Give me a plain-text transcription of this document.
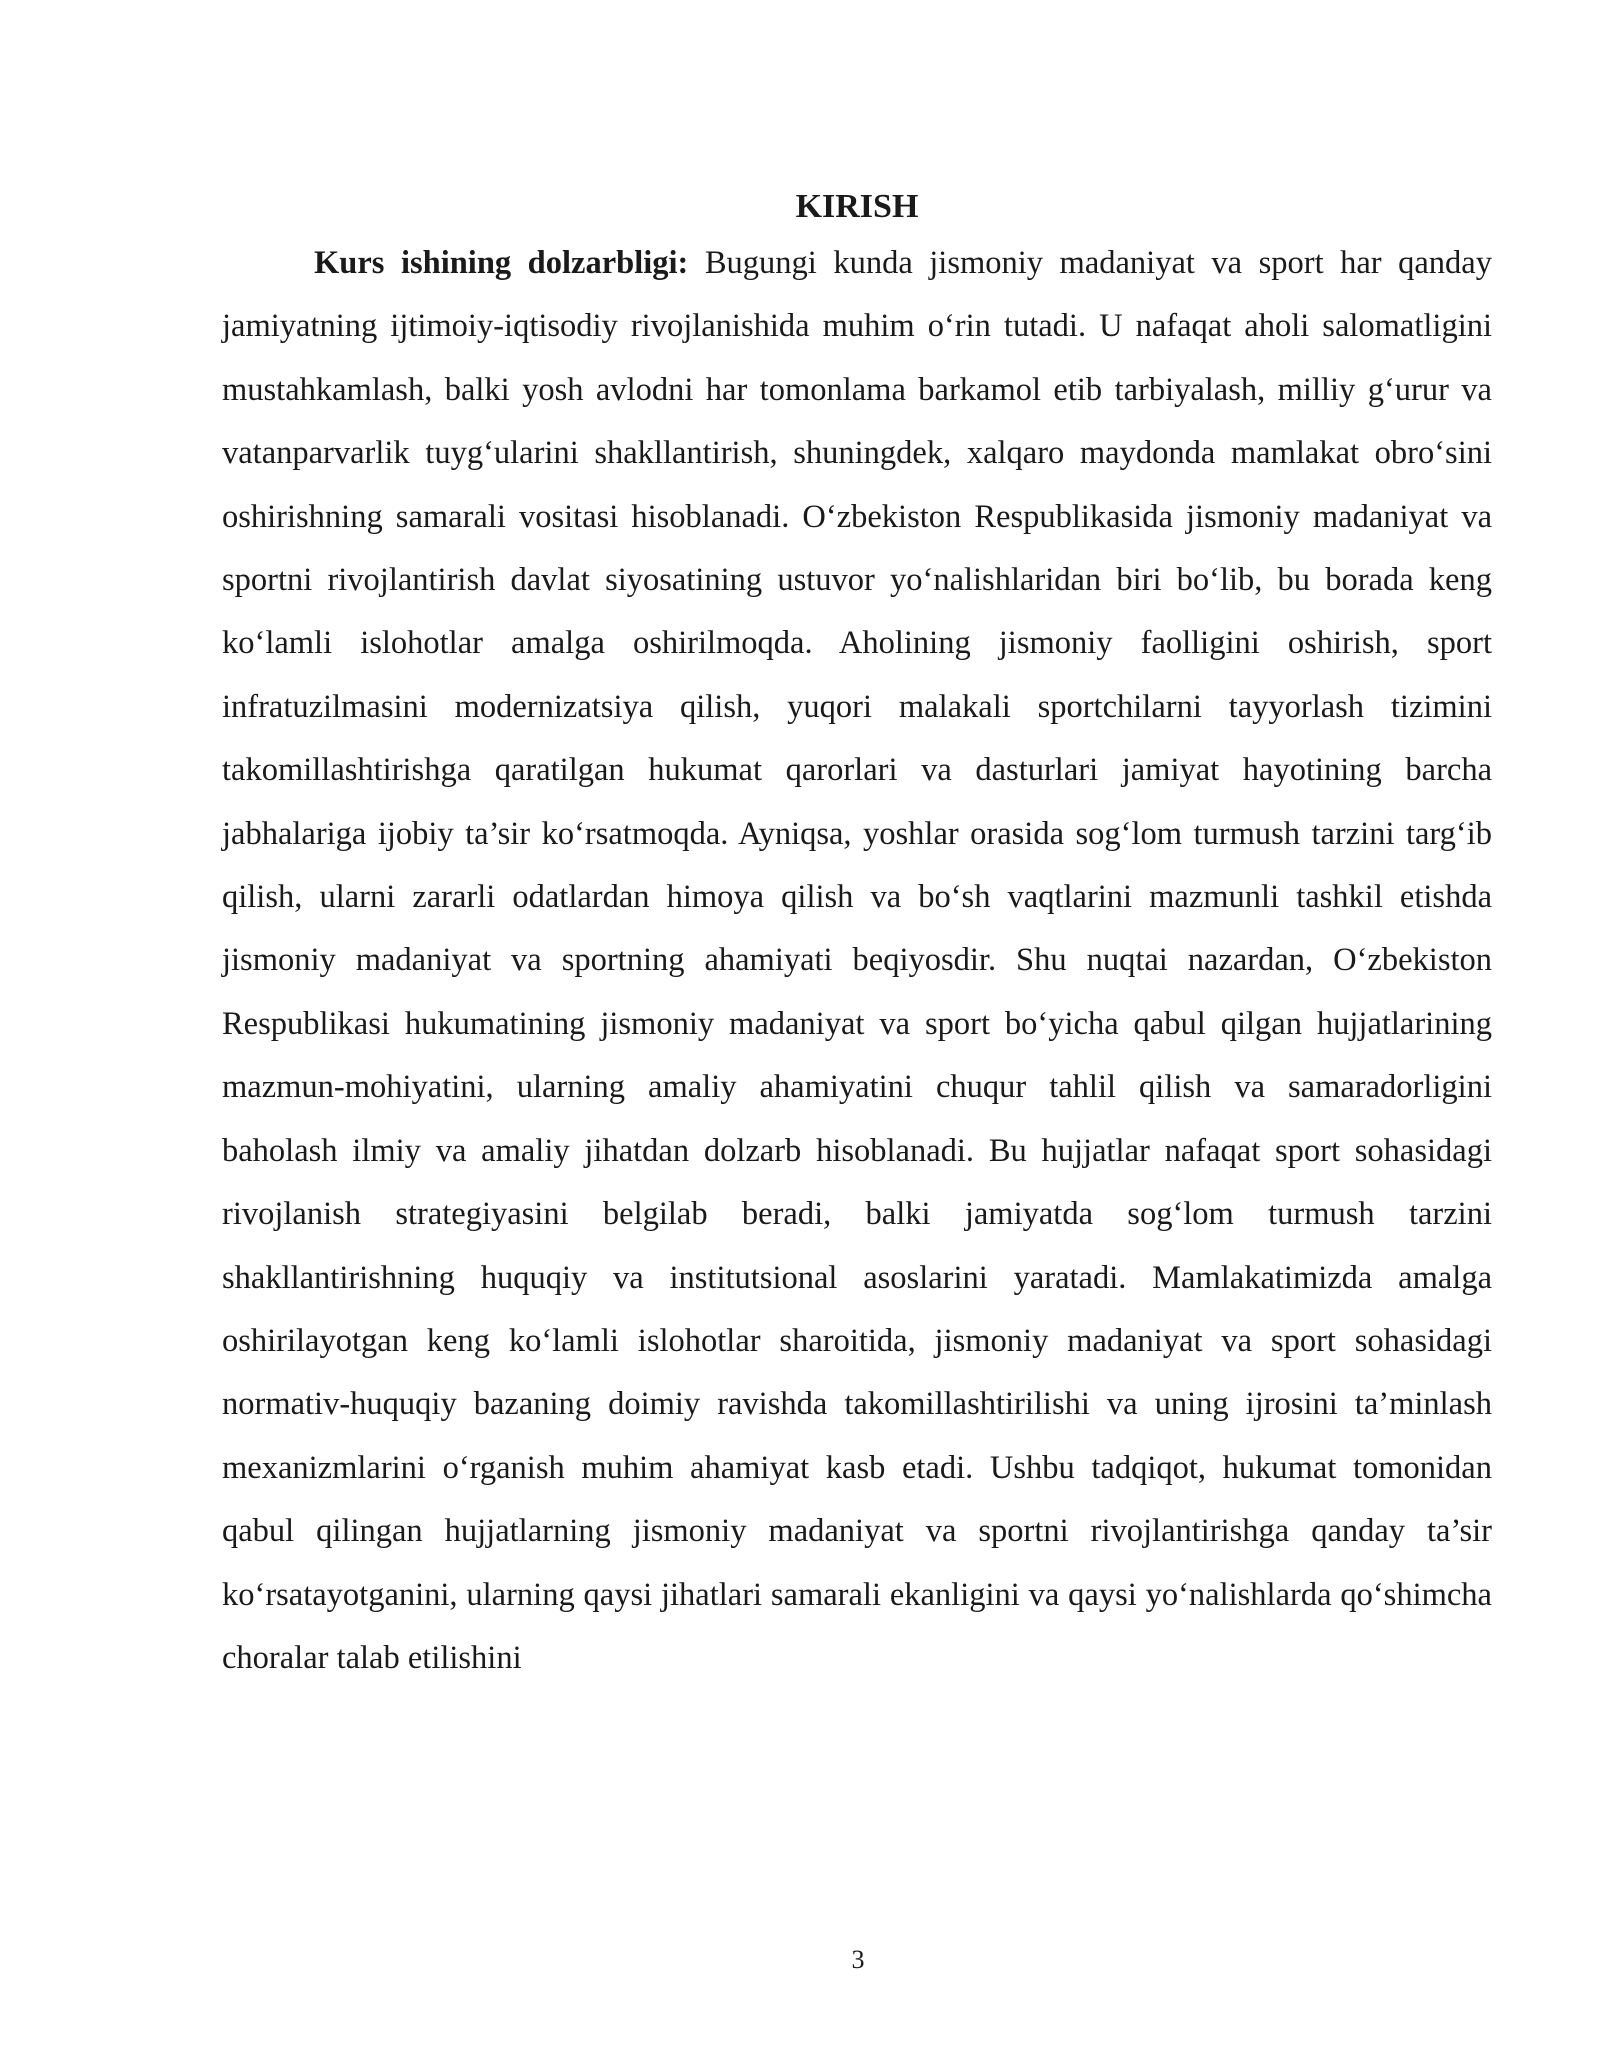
KIRISH

Kurs ishining dolzarbligi: Bugungi kunda jismoniy madaniyat va sport har qanday jamiyatning ijtimoiy-iqtisodiy rivojlanishida muhim o‘rin tutadi. U nafaqat aholi salomatligini mustahkamlash, balki yosh avlodni har tomonlama barkamol etib tarbiyalash, milliy g‘urur va vatanparvarlik tuyg‘ularini shakllantirish, shuningdek, xalqaro maydonda mamlakat obro‘sini oshirishning samarali vositasi hisoblanadi. O‘zbekiston Respublikasida jismoniy madaniyat va sportni rivojlantirish davlat siyosatining ustuvor yo‘nalishlaridan biri bo‘lib, bu borada keng ko‘lamli islohotlar amalga oshirilmoqda. Aholining jismoniy faolligini oshirish, sport infratuzilmasini modernizatsiya qilish, yuqori malakali sportchilarni tayyorlash tizimini takomillashtirishga qaratilgan hukumat qarorlari va dasturlari jamiyat hayotining barcha jabhalariga ijobiy ta’sir ko‘rsatmoqda. Ayniqsa, yoshlar orasida sog‘lom turmush tarzini targ‘ib qilish, ularni zararli odatlardan himoya qilish va bo‘sh vaqtlarini mazmunli tashkil etishda jismoniy madaniyat va sportning ahamiyati beqiyosdir. Shu nuqtai nazardan, O‘zbekiston Respublikasi hukumatining jismoniy madaniyat va sport bo‘yicha qabul qilgan hujjatlarining mazmun-mohiyatini, ularning amaliy ahamiyatini chuqur tahlil qilish va samaradorligini baholash ilmiy va amaliy jihatdan dolzarb hisoblanadi. Bu hujjatlar nafaqat sport sohasidagi rivojlanish strategiyasini belgilab beradi, balki jamiyatda sog‘lom turmush tarzini shakllantirishning huquqiy va institutsional asoslarini yaratadi. Mamlakatimizda amalga oshirilayotgan keng ko‘lamli islohotlar sharoitida, jismoniy madaniyat va sport sohasidagi normativ-huquqiy bazaning doimiy ravishda takomillashtirilishi va uning ijrosini ta’minlash mexanizmlarini o‘rganish muhim ahamiyat kasb etadi. Ushbu tadqiqot, hukumat tomonidan qabul qilingan hujjatlarning jismoniy madaniyat va sportni rivojlantirishga qanday ta’sir ko‘rsatayotganini, ularning qaysi jihatlari samarali ekanligini va qaysi yo‘nalishlarda qo‘shimcha choralar talab etilishini

3
